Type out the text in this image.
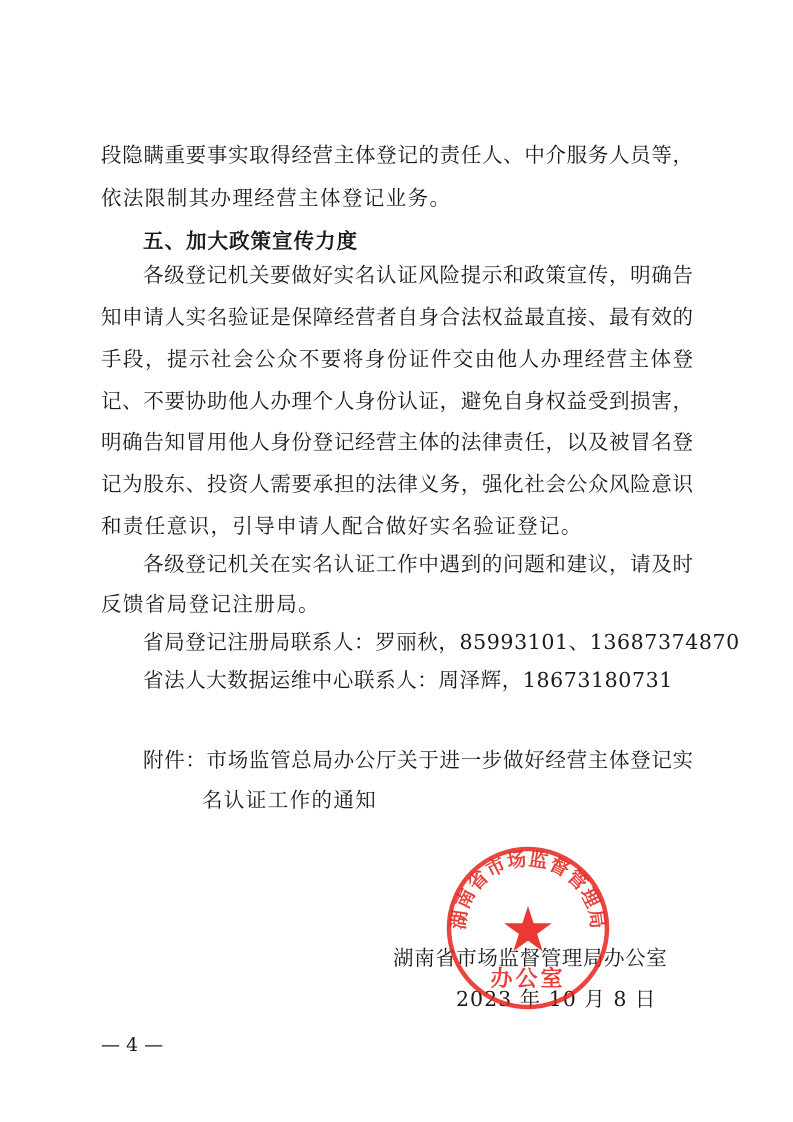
段隐瞒重要事实取得经营主体登记的责任人、中介服务人员等，
依法限制其办理经营主体登记业务。
五、加大政策宣传力度
各级登记机关要做好实名认证风险提示和政策宣传，明确告
知申请人实名验证是保障经营者自身合法权益最直接、最有效的
手段，提示社会公众不要将身份证件交由他人办理经营主体登
记、不要协助他人办理个人身份认证，避免自身权益受到损害，
明确告知冒用他人身份登记经营主体的法律责任，以及被冒名登
记为股东、投资人需要承担的法律义务，强化社会公众风险意识
和责任意识，引导申请人配合做好实名验证登记。
各级登记机关在实名认证工作中遇到的问题和建议，请及时
反馈省局登记注册局。
省局登记注册局联系人：罗丽秋，85993101、13687374870
省法人大数据运维中心联系人：周泽辉，18673180731
附件：市场监管总局办公厅关于进一步做好经营主体登记实
名认证工作的通知
湖南省市场监督管理局办公室
2023 年 10 月 8 日
湖南省市场监督管理局
办公室
— 4 —
